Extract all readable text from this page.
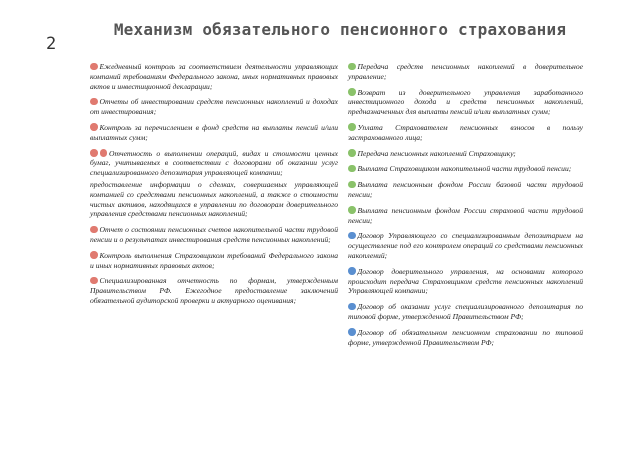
2
Механизм обязательного пенсионного страхования

Ежедневный контроль за соответствием деятельности управляющих компаний требованиям Федерального закона, иных нормативных правовых актов и инвестиционной декларации;

Отчеты об инвестировании средств пенсионных накоплений и доходах от инвестирования;

Контроль за перечислением в фонд средств на выплаты пенсий и/или выплатных сумм;

Отчетность о выполнении операций, видах и стоимости ценных бумаг, учитываемых в соответствии с договорами об оказании услуг специализированного депозитария управляющей компании;

предоставление информации о сделках, совершаемых управляющей компанией со средствами пенсионных накоплений, а также о стоимости чистых активов, находящихся в управлении по договорам доверительного управления средствами пенсионных накоплений;

Отчет о состоянии пенсионных счетов накопительной части трудовой пенсии и о результатах инвестирования средств пенсионных накоплений;

Контроль выполнения Страховщиком требований Федерального закона и иных нормативных правовых актов;

Специализированная отчетность по формам, утвержденным Правительством РФ. Ежегодное предоставление заключений обязательной аудиторской проверки и актуарного оценивания;

Передача средств пенсионных накоплений в доверительное управление;

Возврат из доверительного управления заработанного инвестиционного дохода и средств пенсионных накоплений, предназначенных для выплаты пенсий и/или выплатных сумм;

Уплата Страхователем пенсионных взносов в пользу застрахованного лица;

Передача пенсионных накоплений Страховщику;

Выплата Страховщиком накопительной части трудовой пенсии;

Выплата пенсионным фондом России базовой части трудовой пенсии;

Выплата пенсионным фондом России страховой части трудовой пенсии;

Договор Управляющего со специализированным депозитарием на осуществление под его контролем операций со средствами пенсионных накоплений;

Договор доверительного управления, на основании которого происходит передача Страховщиком средств пенсионных накоплений Управляющей компании;

Договор об оказании услуг специализированного депозитария по типовой форме, утвержденной Правительством РФ;

Договор об обязательном пенсионном страховании по типовой форме, утвержденной Правительством РФ;
